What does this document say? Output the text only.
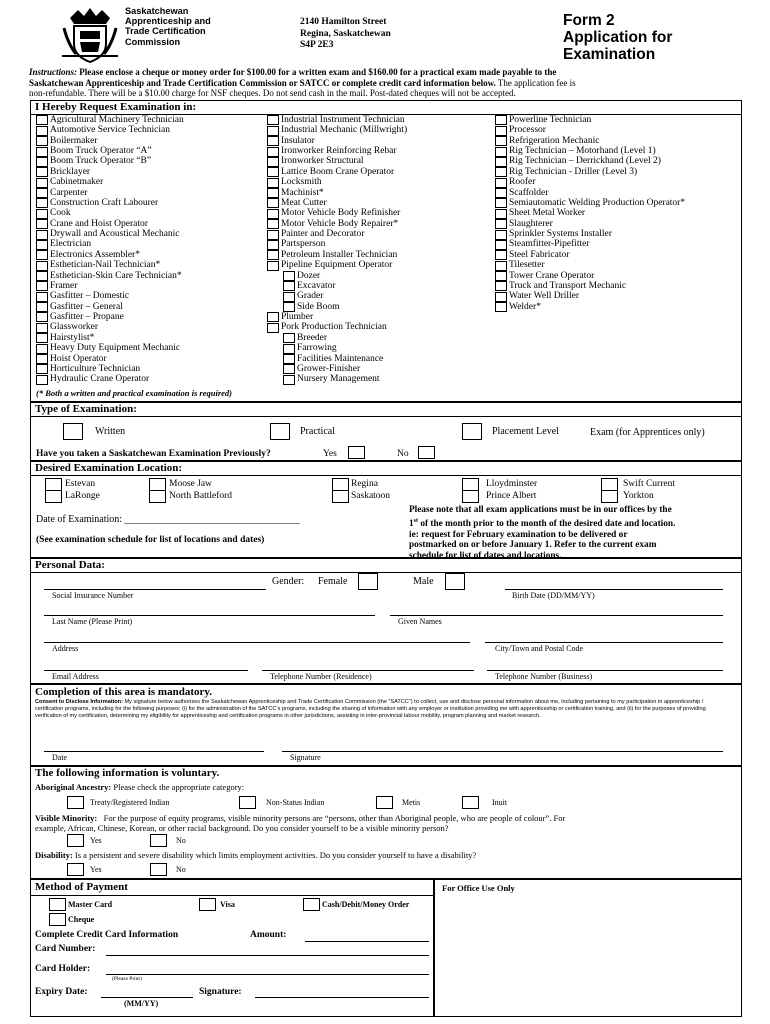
Saskatchewan
Apprenticeship and
Trade Certification
Commission
2140 Hamilton Street
Regina, Saskatchewan
S4P 2E3
Form 2
Application for
Examination
Instructions: Please enclose a cheque or money order for $100.00 for a written exam and $160.00 for a practical exam made payable to the
Saskatchewan Apprenticeship and Trade Certification Commission or SATCC or complete credit card information below. The application fee is
non-refundable. There will be a $10.00 charge for NSF cheques. Do not send cash in the mail. Post-dated cheques will not be accepted.
I Hereby Request Examination in:
Agricultural Machinery Technician
Automotive Service Technician
Boilermaker
Boom Truck Operator “A”
Boom Truck Operator “B”
Bricklayer
Cabinetmaker
Carpenter
Construction Craft Labourer
Cook
Crane and Hoist Operator
Drywall and Acoustical Mechanic
Electrician
Electronics Assembler*
Esthetician-Nail Technician*
Esthetician-Skin Care Technician*
Framer
Gasfitter – Domestic
Gasfitter – General
Gasfitter – Propane
Glassworker
Hairstylist*
Heavy Duty Equipment Mechanic
Hoist Operator
Horticulture Technician
Hydraulic Crane Operator
Industrial Instrument Technician
Industrial Mechanic (Millwright)
Insulator
Ironworker Reinforcing Rebar
Ironworker Structural
Lattice Boom Crane Operator
Locksmith
Machinist*
Meat Cutter
Motor Vehicle Body Refinisher
Motor Vehicle Body Repairer*
Painter and Decorator
Partsperson
Petroleum Installer Technician
Pipeline Equipment Operator
Dozer
Excavator
Grader
Side Boom
Plumber
Pork Production Technician
Breeder
Farrowing
Facilities Maintenance
Grower-Finisher
Nursery Management
Powerline Technician
Processor
Refrigeration Mechanic
Rig Technician – Motorhand (Level 1)
Rig Technician – Derrickhand (Level 2)
Rig Technician - Driller (Level 3)
Roofer
Scaffolder
Semiautomatic Welding Production Operator*
Sheet Metal Worker
Slaughterer
Sprinkler Systems Installer
Steamfitter-Pipefitter
Steel Fabricator
Tilesetter
Tower Crane Operator
Truck and Transport Mechanic
Water Well Driller
Welder*
(* Both a written and practical examination is required)
Type of Examination:
Written	Practical	Placement Level	Exam (for Apprentices only)
Have you taken a Saskatchewan Examination Previously?	Yes	No
Desired Examination Location:
Estevan	Moose Jaw	Regina	Lloydminster	Swift Current
LaRonge	North Battleford	Saskatoon	Prince Albert	Yorkton
Date of Examination: ___________________________________
(See examination schedule for list of locations and dates)
Please note that all exam applications must be in our offices by the
1st of the month prior to the month of the desired date and location.
ie: request for February examination to be delivered or
postmarked on or before January 1. Refer to the current exam
schedule for list of dates and locations.
Personal Data:
Gender: Female	Male
Social Insurance Number	Birth Date (DD/MM/YY)
Last Name (Please Print)	Given Names
Address	City/Town and Postal Code
Email Address	Telephone Number (Residence)	Telephone Number (Business)
Completion of this area is mandatory.
Consent to Disclose Information: My signature below authorizes the Saskatchewan Apprenticeship and Trade Certification Commission (the “SATCC”) to collect, use and disclose personal information about me, including pertaining to my participation in apprenticeship / certification programs, including for the following purposes: (i) for the administration of the SATCC’s programs, including the sharing of information with any employer or institution providing me with apprenticeship or certification training, and (ii) for the purposes of providing verification of my certification, determining my eligibility for apprenticeship and certification programs in other jurisdictions, assisting in inter-provincial labour mobility, program planning and market research.
Date	Signature
The following information is voluntary.
Aboriginal Ancestry: Please check the appropriate category:
Treaty/Registered Indian	Non-Status Indian	Metis	Inuit
Visible Minority: For the purpose of equity programs, visible minority persons are “persons, other than Aboriginal people, who are people of colour”. For
example, African, Chinese, Korean, or other racial background. Do you consider yourself to be a visible minority person?
Yes	No
Disability: Is a persistent and severe disability which limits employment activities. Do you consider yourself to have a disability?
Yes	No
Method of Payment
Master Card	Visa	Cash/Debit/Money Order
Cheque
Complete Credit Card Information	Amount:
Card Number:
Card Holder:
(Please Print)
Expiry Date:
(MM/YY)
Signature:
For Office Use Only
